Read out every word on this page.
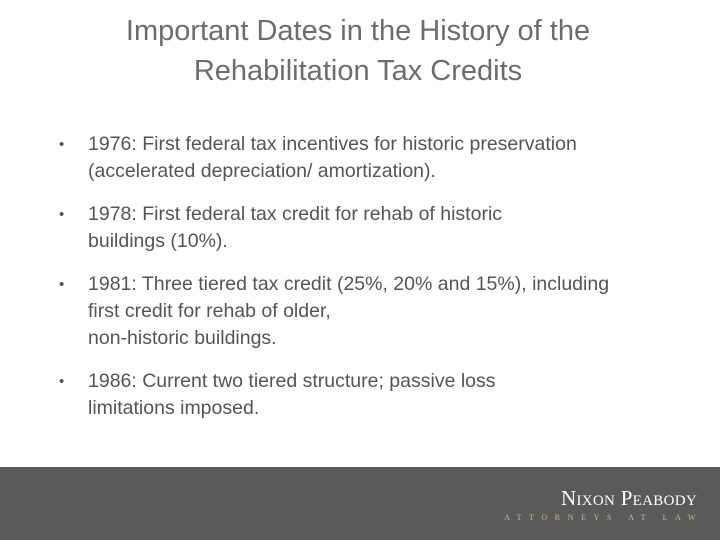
Important Dates in the History of the
Rehabilitation Tax Credits
• 1976: First federal tax incentives for historic preservation
(accelerated depreciation/ amortization).
• 1978: First federal tax credit for rehab of historic
buildings (10%).
• 1981: Three tiered tax credit (25%, 20% and 15%), including
first credit for rehab of older,
non-historic buildings.
• 1986: Current two tiered structure; passive loss
limitations imposed.
Nixon Peabody
ATTORNEYS AT LAW
